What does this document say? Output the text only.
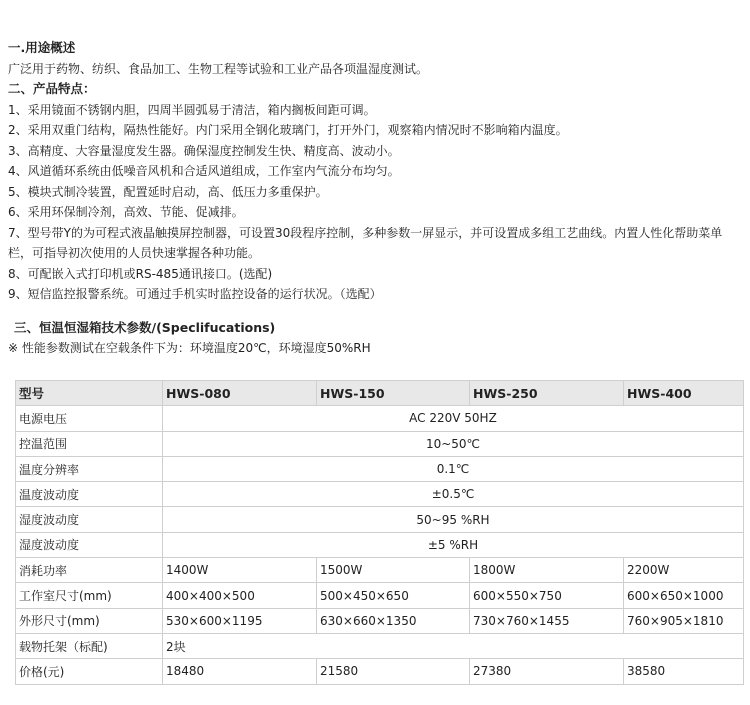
一.用途概述
广泛用于药物、纺织、食品加工、生物工程等试验和工业产品各项温湿度测试。
二、产品特点：
1、采用镜面不锈钢内胆，四周半圆弧易于清洁，箱内搁板间距可调。
2、采用双重门结构，隔热性能好。内门采用全钢化玻璃门，打开外门，观察箱内情况时不影响箱内温度。
3、高精度、大容量湿度发生器。确保湿度控制发生快、精度高、波动小。
4、风道循环系统由低噪音风机和合适风道组成，工作室内气流分布均匀。
5、模块式制冷装置，配置延时启动，高、低压力多重保护。
6、采用环保制冷剂，高效、节能、促减排。
7、型号带Y的为可程式液晶触摸屏控制器，可设置30段程序控制，多种参数一屏显示，并可设置成多组工艺曲线。内置人性化帮助菜单栏，可指导初次使用的人员快速掌握各种功能。
8、可配嵌入式打印机或RS-485通讯接口。(选配)
9、短信监控报警系统。可通过手机实时监控设备的运行状况。（选配）
三、恒温恒湿箱技术参数/(Speclifucations)
※ 性能参数测试在空载条件下为：环境温度20℃，环境湿度50%RH
型号	HWS-080	HWS-150	HWS-250	HWS-400
电源电压	AC 220V 50HZ			
控温范围	10~50℃			
温度分辨率	0.1℃			
温度波动度	±0.5℃			
湿度波动度	50~95 %RH			
湿度波动度	±5 %RH			
消耗功率	1400W	1500W	1800W	2200W
工作室尺寸(mm)	400×400×500	500×450×650	600×550×750	600×650×1000
外形尺寸(mm)	530×600×1195	630×660×1350	730×760×1455	760×905×1810
载物托架（标配)	2块			
价格(元)	18480	21580	27380	38580
